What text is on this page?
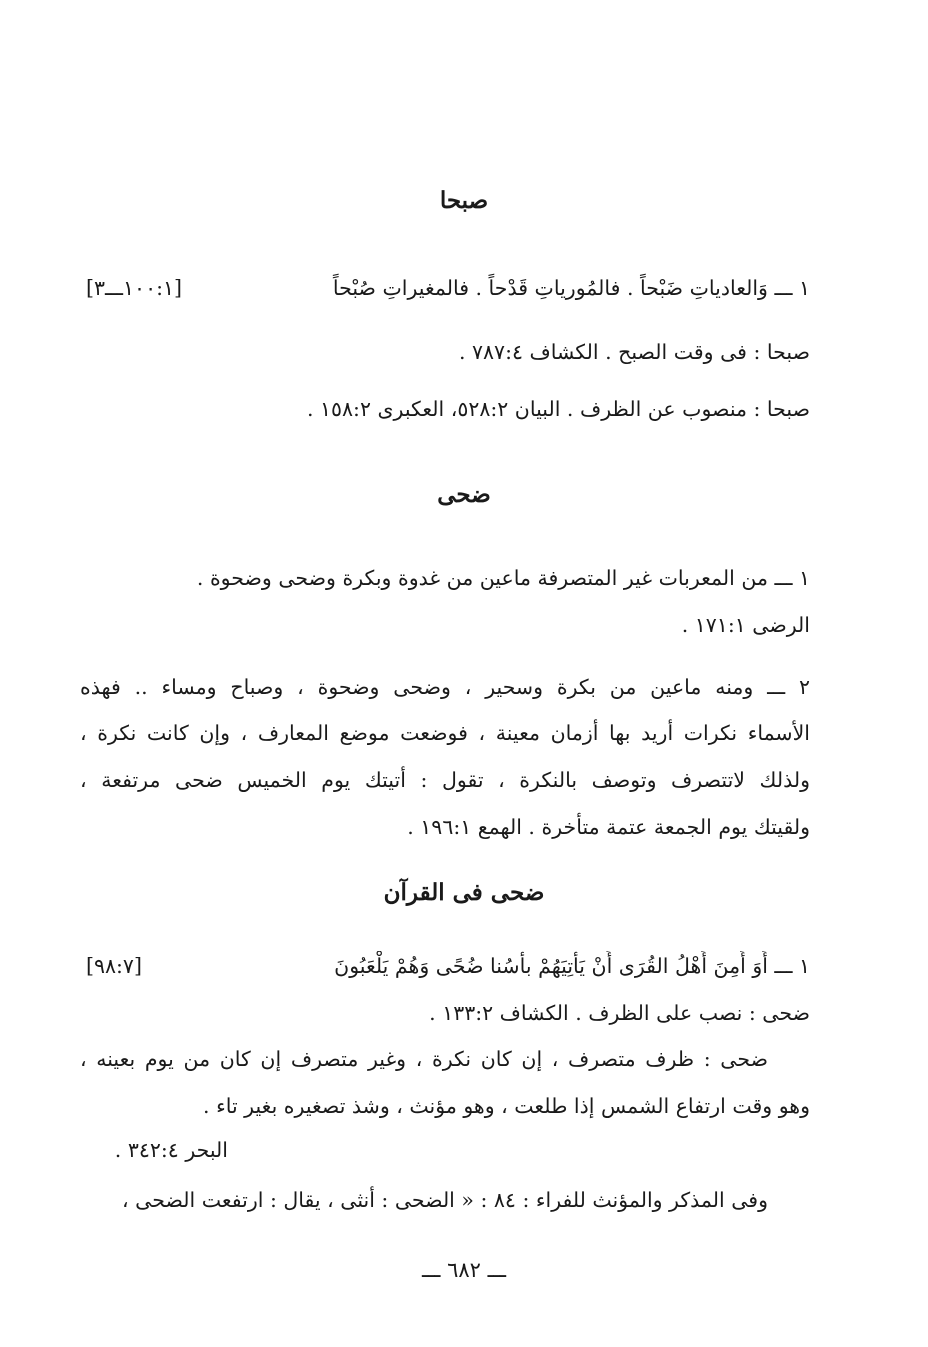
صبحا
١ ـــ وَالعادياتِ ضَبْحاً . فالمُورياتِ قَدْحاً . فالمغيراتِ صُبْحاً
[١٠٠:١ـــ٣]
صبحا : فى وقت الصبح . الكشاف ٧٨٧:٤ .
صبحا : منصوب عن الظرف . البيان ٥٢٨:٢، العكبرى ١٥٨:٢ .
ضحى
١ ـــ من المعربات غير المتصرفة ماعين من غدوة وبكرة وضحى وضحوة .
الرضى ١٧١:١ .
٢ ـــ ومنه ماعين من بكرة وسحير ، وضحى وضحوة ، وصباح ومساء .. فهذه
الأسماء نكرات أريد بها أزمان معينة ، فوضعت موضع المعارف ، وإن كانت نكرة ،
ولذلك لاتتصرف وتوصف بالنكرة ، تقول : أتيتك يوم الخميس ضحى مرتفعة ،
ولقيتك يوم الجمعة عتمة متأخرة . الهمع ١٩٦:١ .
ضحى فى القرآن
١ ـــ أَوَ أَمِنَ أَهْلُ القُرَى أَنْ يَأْتِيَهُمْ بأْسُنا ضُحًى وَهُمْ يَلْعَبُونَ
[٩٨:٧]
ضحى : نصب على الظرف . الكشاف ١٣٣:٢ .
ضحى : ظرف متصرف ، إن كان نكرة ، وغير متصرف إن كان من يوم بعينه ،
وهو وقت ارتفاع الشمس إذا طلعت ، وهو مؤنث ، وشذ تصغيره بغير تاء .
البحر ٣٤٢:٤ .
وفى المذكر والمؤنث للفراء : ٨٤ : « الضحى : أنثى ، يقال : ارتفعت الضحى ،
ـــ ٦٨٢ ـــ
